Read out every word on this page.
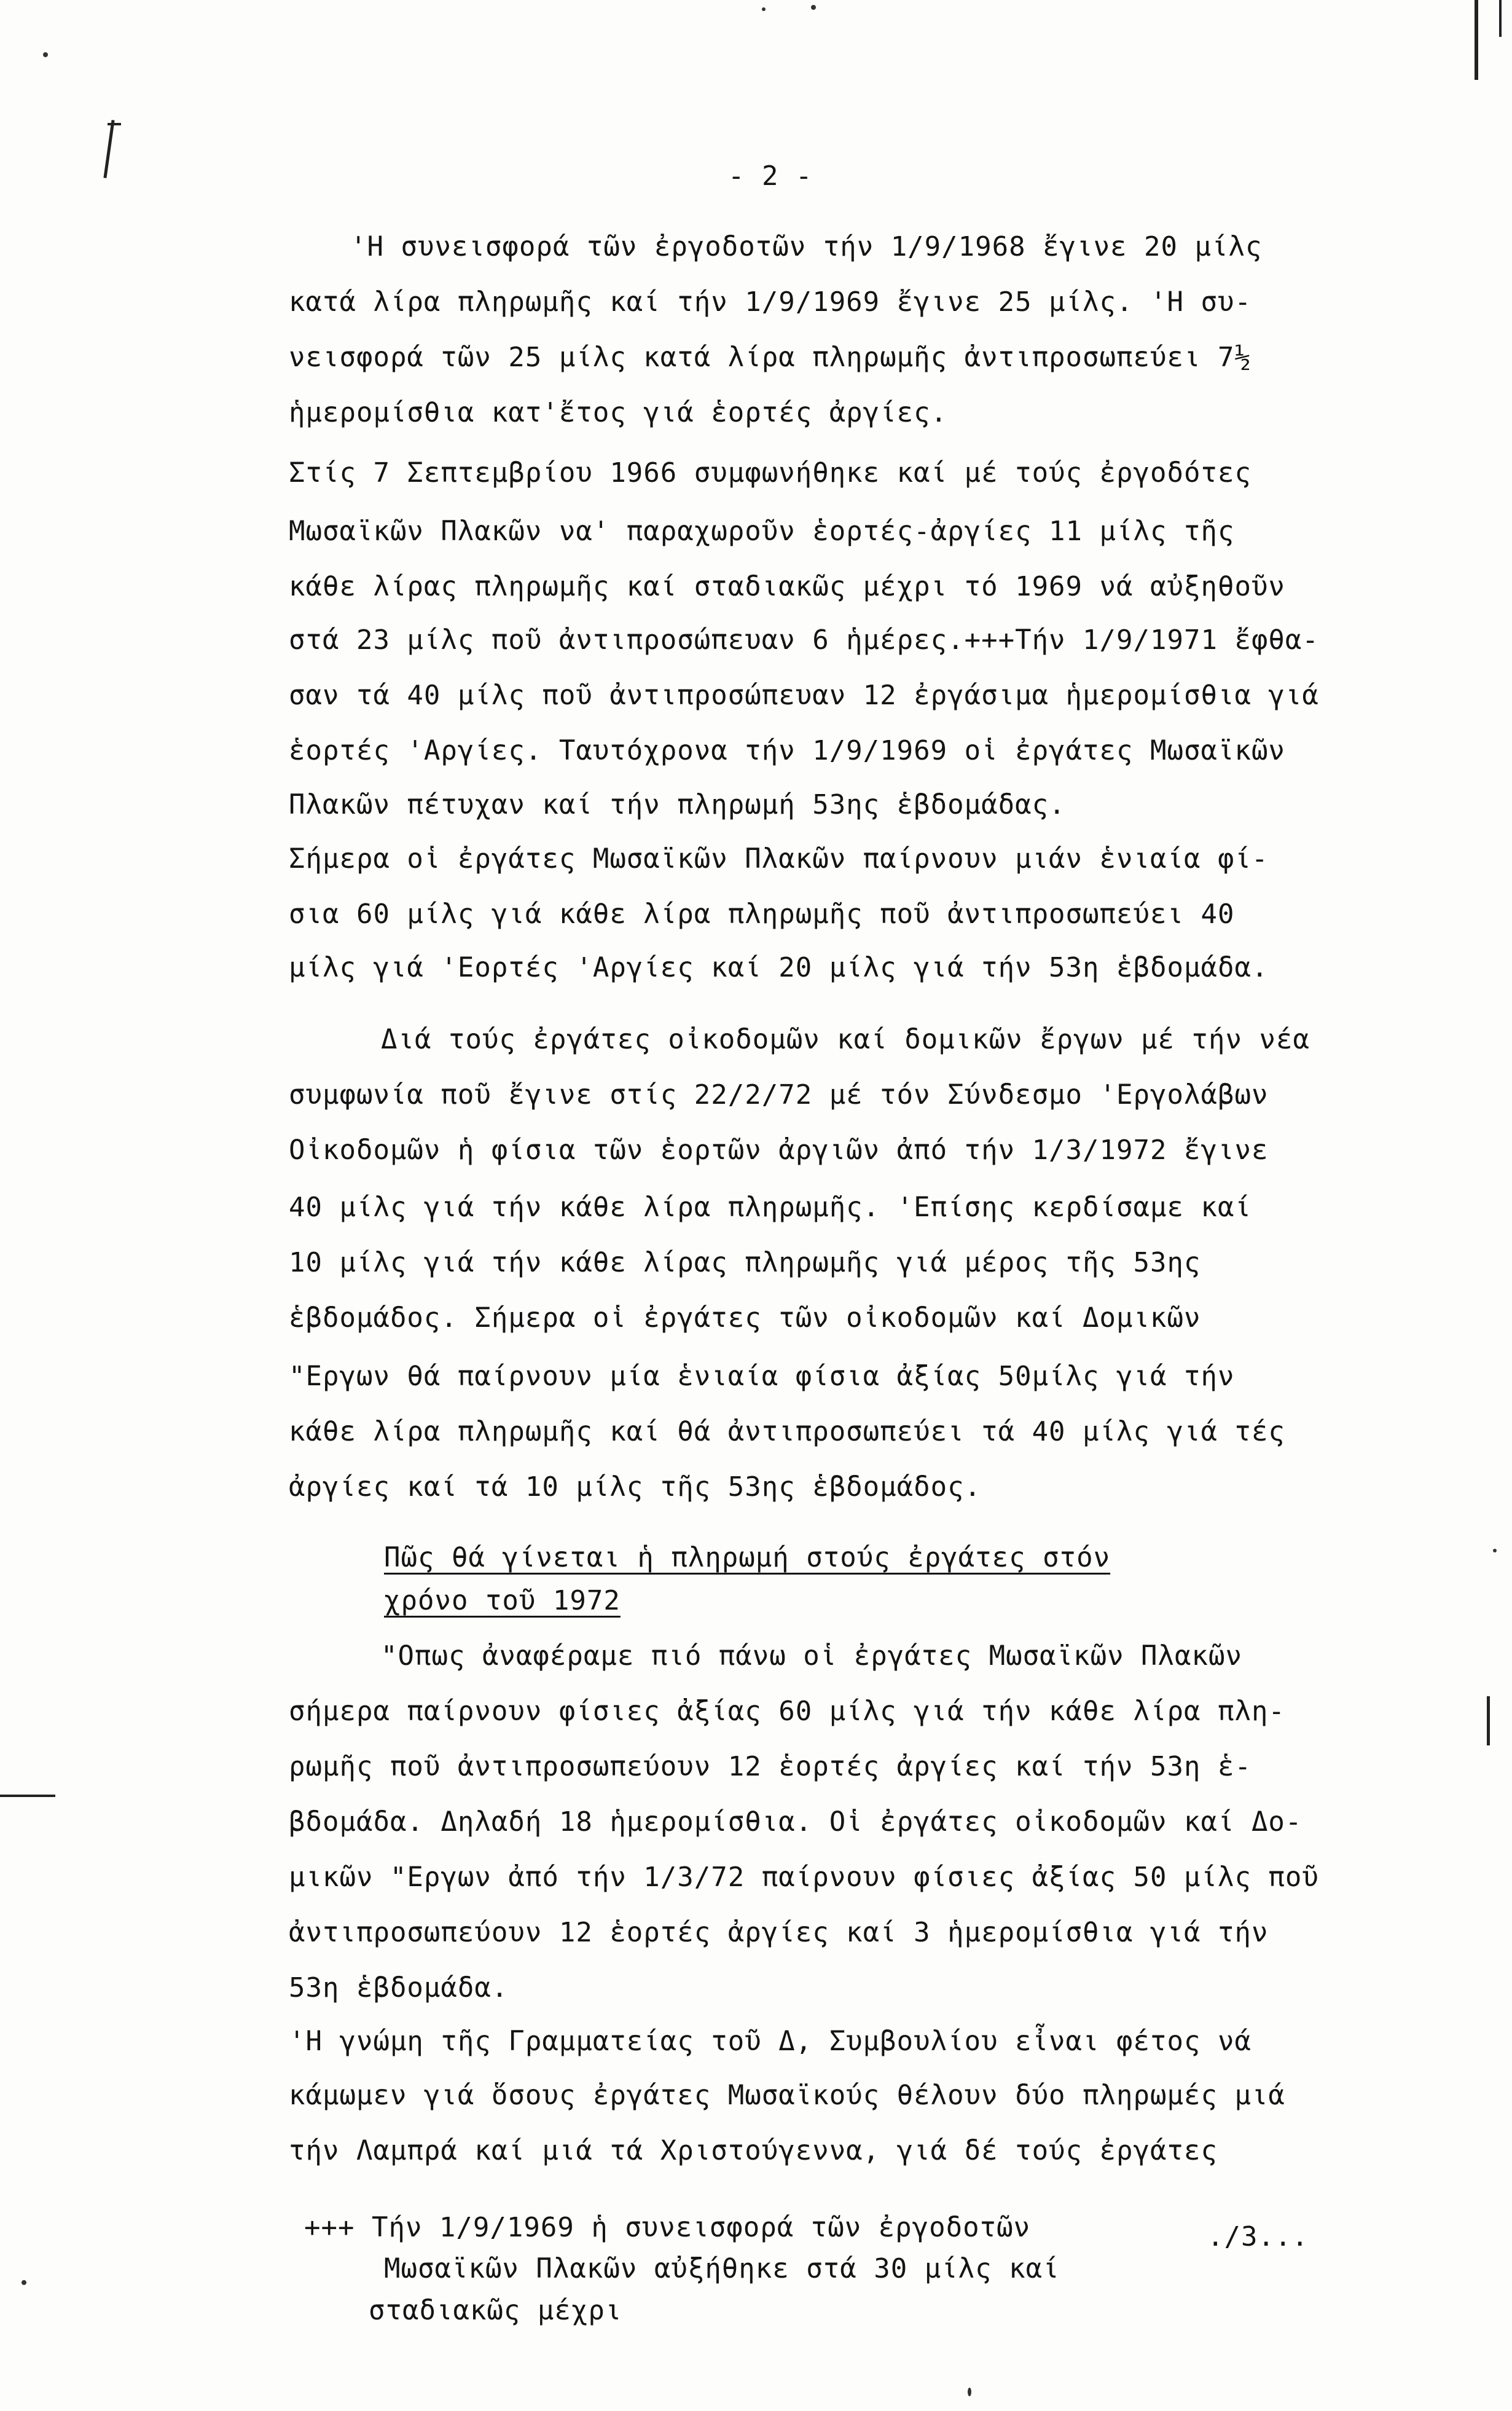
- 2 -
'Η συνεισφορά τῶν ἐργοδοτῶν τήν 1/9/1968 ἔγινε 20 μίλς
κατά λίρα πληρωμῆς καί τήν 1/9/1969 ἔγινε 25 μίλς. 'Η συ-
νεισφορά τῶν 25 μίλς κατά λίρα πληρωμῆς ἀντιπροσωπεύει 7½
ἡμερομίσθια κατ'ἔτος γιά ἑορτές ἀργίες.
Στίς 7 Σεπτεμβρίου 1966 συμφωνήθηκε καί μέ τούς ἐργοδότες
Μωσαϊκῶν Πλακῶν να' παραχωροῦν ἑορτές-ἀργίες 11 μίλς τῆς
κάθε λίρας πληρωμῆς καί σταδιακῶς μέχρι τό 1969 νά αὐξηθοῦν
στά 23 μίλς ποῦ ἀντιπροσώπευαν 6 ἡμέρες.+++Τήν 1/9/1971 ἔφθα-
σαν τά 40 μίλς ποῦ ἀντιπροσώπευαν 12 ἐργάσιμα ἡμερομίσθια γιά
ἑορτές 'Αργίες. Ταυτόχρονα τήν 1/9/1969 οἱ ἐργάτες Μωσαϊκῶν
Πλακῶν πέτυχαν καί τήν πληρωμή 53ης ἑβδομάδας.
Σήμερα οἱ ἐργάτες Μωσαϊκῶν Πλακῶν παίρνουν μιάν ἑνιαία φί-
σια 60 μίλς γιά κάθε λίρα πληρωμῆς ποῦ ἀντιπροσωπεύει 40
μίλς γιά 'Εορτές 'Αργίες καί 20 μίλς γιά τήν 53η ἑβδομάδα.
Διά τούς ἐργάτες οἰκοδομῶν καί δομικῶν ἔργων μέ τήν νέα
συμφωνία ποῦ ἔγινε στίς 22/2/72 μέ τόν Σύνδεσμο 'Εργολάβων
Οἰκοδομῶν ἡ φίσια τῶν ἑορτῶν ἀργιῶν ἀπό τήν 1/3/1972 ἔγινε
40 μίλς γιά τήν κάθε λίρα πληρωμῆς. 'Επίσης κερδίσαμε καί
10 μίλς γιά τήν κάθε λίρας πληρωμῆς γιά μέρος τῆς 53ης
ἑβδομάδος. Σήμερα οἱ ἐργάτες τῶν οἰκοδομῶν καί Δομικῶν
"Εργων θά παίρνουν μία ἑνιαία φίσια ἀξίας 50μίλς γιά τήν
κάθε λίρα πληρωμῆς καί θά ἀντιπροσωπεύει τά 40 μίλς γιά τές
ἀργίες καί τά 10 μίλς τῆς 53ης ἑβδομάδος.
Πῶς θά γίνεται ἡ πληρωμή στούς ἐργάτες στόν
χρόνο τοῦ 1972
"Οπως ἀναφέραμε πιό πάνω οἱ ἐργάτες Μωσαϊκῶν Πλακῶν
σήμερα παίρνουν φίσιες ἀξίας 60 μίλς γιά τήν κάθε λίρα πλη-
ρωμῆς ποῦ ἀντιπροσωπεύουν 12 ἑορτές ἀργίες καί τήν 53η ἑ-
βδομάδα. Δηλαδή 18 ἡμερομίσθια. Οἱ ἐργάτες οἰκοδομῶν καί Δο-
μικῶν "Εργων ἀπό τήν 1/3/72 παίρνουν φίσιες ἀξίας 50 μίλς ποῦ
ἀντιπροσωπεύουν 12 ἑορτές ἀργίες καί 3 ἡμερομίσθια γιά τήν
53η ἑβδομάδα.
'Η γνώμη τῆς Γραμματείας τοῦ Δ, Συμβουλίου εἶναι φέτος νά
κάμωμεν γιά ὅσους ἐργάτες Μωσαϊκούς θέλουν δύο πληρωμές μιά
τήν Λαμπρά καί μιά τά Χριστούγεννα, γιά δέ τούς ἐργάτες
+++ Τήν 1/9/1969 ἡ συνεισφορά τῶν ἐργοδοτῶν
Μωσαϊκῶν Πλακῶν αὐξήθηκε στά 30 μίλς καί
σταδιακῶς μέχρι
./3...
